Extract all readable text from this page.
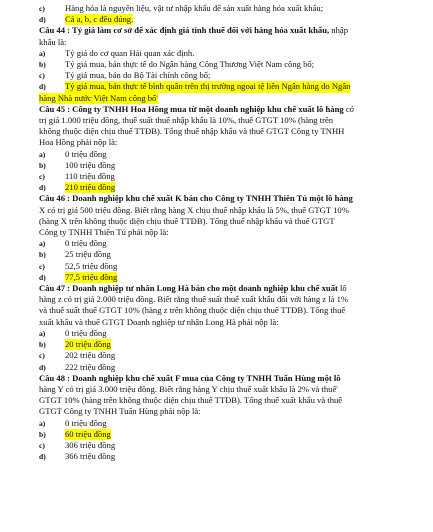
c)	Hàng hóa là nguyên liệu, vật tư nhập khẩu để sản xuất hàng hóa xuất khẩu;
d)	Cả a, b, c đều đúng.
Câu 44 : Tỷ giá làm cơ sở để xác định giá tính thuế đối với hàng hóa xuất khẩu,
nhập
khẩu là:
a)	Tỷ giá do cơ quan Hải quan xác định.
b)	Tỷ giá mua, bán thực tế do Ngân hàng Công Thương Việt Nam công bố;
c)	Tỷ giá mua, bán do Bộ Tài chính công bố;
d)	Tỷ giá mua, bán thực tế bình quân trên thị trường ngoại tệ liên Ngân hàng do Ngân
hàng Nhà nước Việt Nam công bố'
Câu 45 : Công ty TNHH Hoa Hồng mua từ một doanh nghiệp khu chế xuất lô hàng
có
trị giá 1.000 triệu đồng, thuế suất thuế nhập khẩu là 10%, thuế GTGT 10% (hàng trên
không thuộc diện chịu thuế TTĐB). Tổng thuế nhập khẩu và thuế GTGT Công ty TNHH
Hoa Hồng phải nộp là:
a)	0 triệu đồng
b)	100 triệu đồng
c)	110 triệu đồng
d)	210 triệu đồng
Câu 46 : Doanh nghiệp khu chế xuất K bán cho Công ty TNHH Thiên Tú một lô hàng
X có trị giá 500 triệu đồng. Biết rằng hàng X chịu thuế nhập khẩu là 5%, thuế GTGT 10%
(hàng X trên không thuộc diện chịu thuế TTĐB). Tổng thuế nhập khẩu và thuế GTGT
Công ty TNHH Thiên Tú phải nộp là:
a)	0 triệu đồng
b)	25 triệu đồng
c)	52,5 triệu đồng
d)	77,5 triệu đồng
Câu 47 : Doanh nghiệp tư nhân Long Hà bán cho một doanh nghiệp khu chế xuất
lô
hàng z có trị giá 2.000 triệu đồng. Biết rằng thuế suất thuế xuất khẩu đối với hàng z là 1%
và thuế suất thuế GTGT 10% (hàng z trên không thuộc diện chịu thuế TTĐB). Tổng thuế
xuất khẩu và thuế GTGT Doanh nghiệp tư nhân Long Hà phải nộp là:
a)	0 triệu đồng
b)	20 triệu đồng
c)	202 triệu đồng
d)	222 triệu đồng
Câu 48 : Doanh nghiệp khu chế xuất F mua của Công ty TNHH Tuấn Hùng một lô
hàng Y có trị giá 3.000 triệu đồng. Biết rằng hàng Y chịu thuế xuất khẩu là 2% và thuế'
GTGT 10% (hàng trên không thuộc diện chịu thuế TTĐB). Tổng thuế xuất khẩu và thuế
GTGT Công ty TNHH Tuấn Hùng phải nộp là:
a)	0 triệu đồng
b)	60 triệu đồng
c)	306 triệu đồng
d)	366 triệu đồng
